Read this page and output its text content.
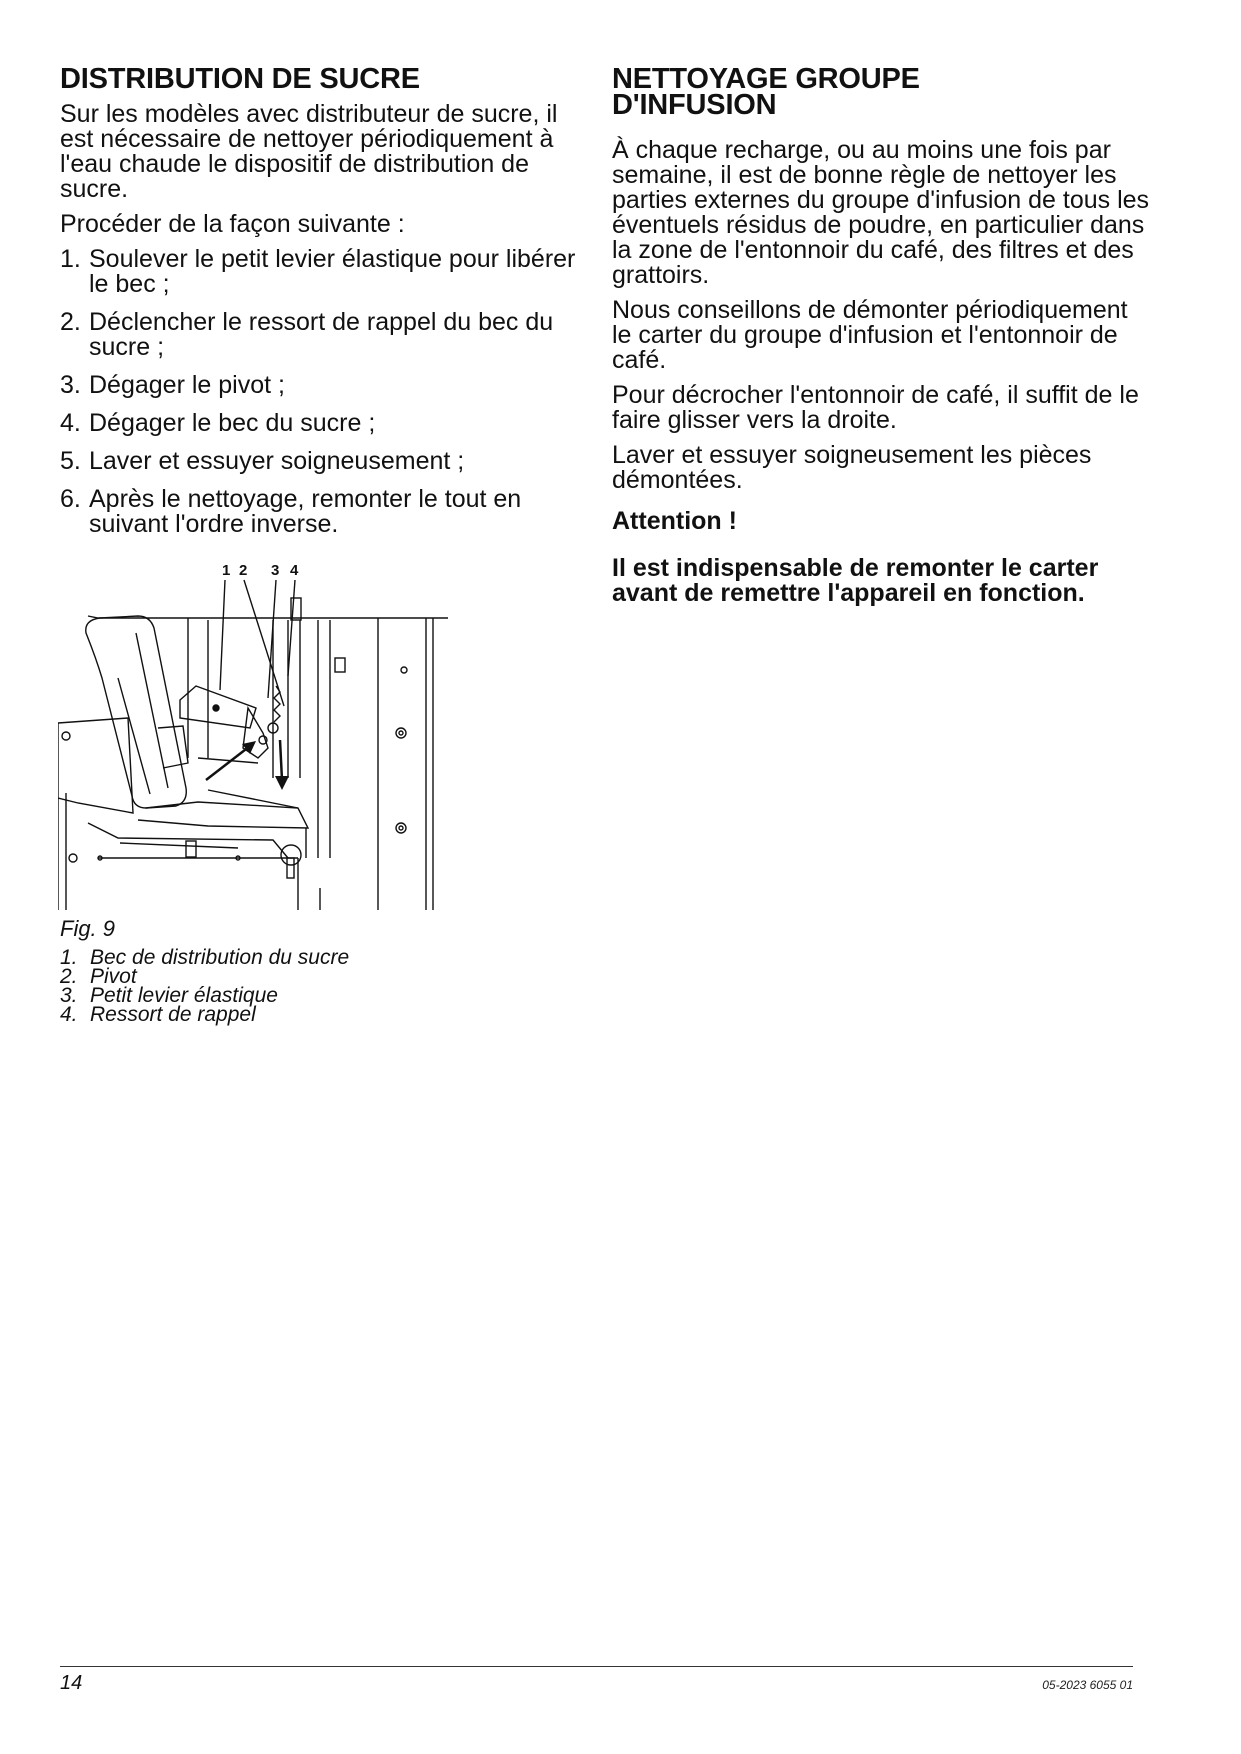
DISTRIBUTION DE SUCRE

Sur les modèles avec distributeur de sucre, il est nécessaire de nettoyer périodiquement à l'eau chaude le dispositif de distribution de sucre.

Procéder de la façon suivante :

1. Soulever le petit levier élastique pour libérer le bec ;
2. Déclencher le ressort de rappel du bec du sucre ;
3. Dégager le pivot ;
4. Dégager le bec du sucre ;
5. Laver et essuyer soigneusement ;
6. Après le nettoyage, remonter le tout en suivant l'ordre inverse.
1 2 3 4
Fig. 9
1. Bec de distribution du sucre
2. Pivot
3. Petit levier élastique
4. Ressort de rappel
NETTOYAGE GROUPE
D'INFUSION

À chaque recharge, ou au moins une fois par semaine, il est de bonne règle de nettoyer les parties externes du groupe d'infusion de tous les éventuels résidus de poudre, en particulier dans la zone de l'entonnoir du café, des filtres et des grattoirs.

Nous conseillons de démonter périodiquement le carter du groupe d'infusion et l'entonnoir de café.

Pour décrocher l'entonnoir de café, il suffit de le faire glisser vers la droite.

Laver et essuyer soigneusement les pièces démontées.

Attention !

Il est indispensable de remonter le carter avant de remettre l'appareil en fonction.

14	05-2023 6055 01
